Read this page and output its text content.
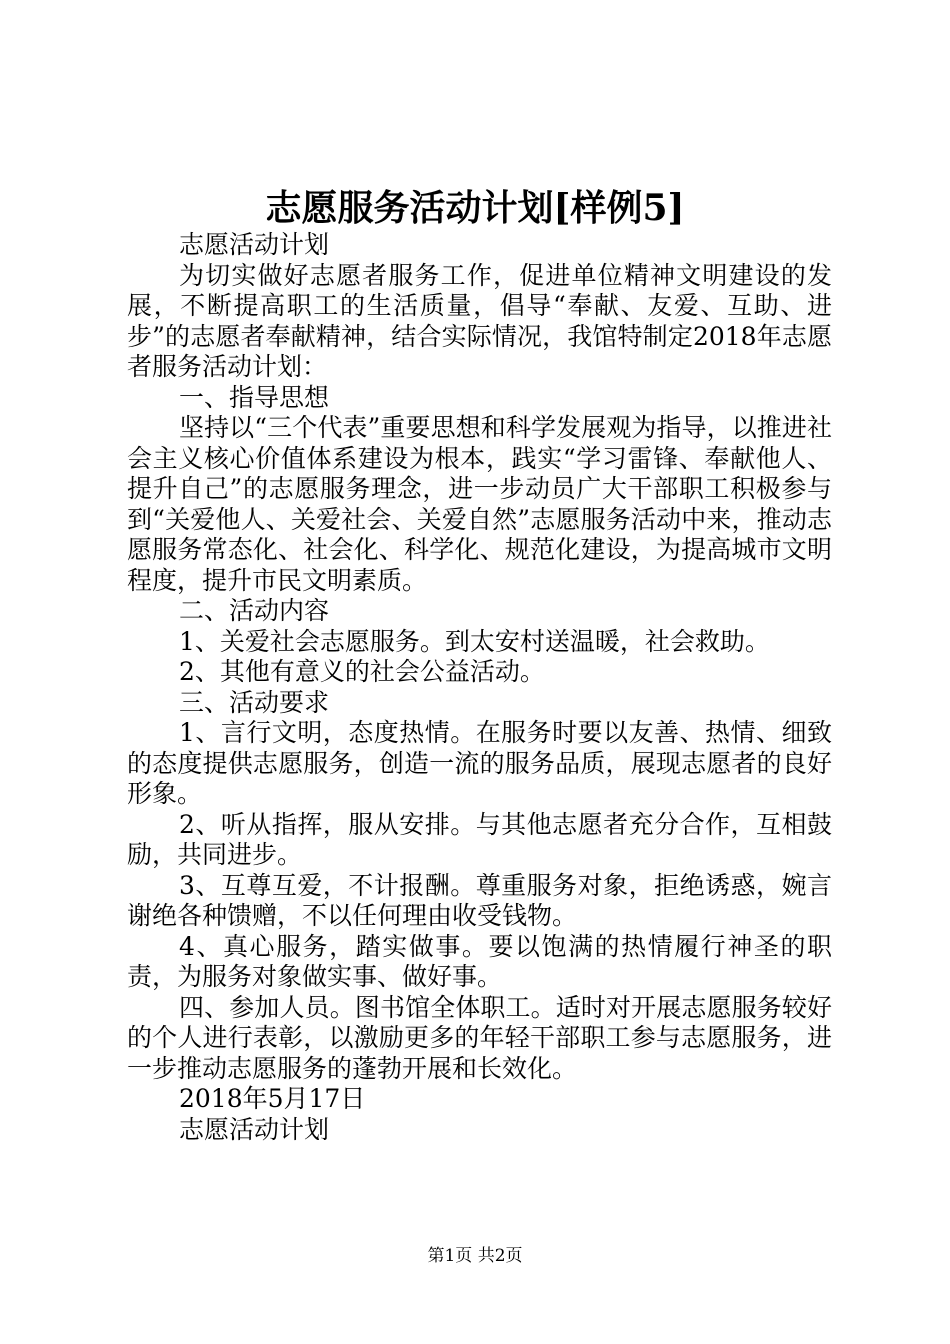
志愿服务活动计划[样例5]

志愿活动计划

为切实做好志愿者服务工作，促进单位精神文明建设的发展，不断提高职工的生活质量，倡导“奉献、友爱、互助、进步”的志愿者奉献精神，结合实际情况，我馆特制定2018年志愿者服务活动计划：

一、指导思想

坚持以“三个代表”重要思想和科学发展观为指导，以推进社会主义核心价值体系建设为根本，践实“学习雷锋、奉献他人、提升自己”的志愿服务理念，进一步动员广大干部职工积极参与到“关爱他人、关爱社会、关爱自然”志愿服务活动中来，推动志愿服务常态化、社会化、科学化、规范化建设，为提高城市文明程度，提升市民文明素质。

二、活动内容

1、关爱社会志愿服务。到太安村送温暖，社会救助。

2、其他有意义的社会公益活动。

三、活动要求

1、言行文明，态度热情。在服务时要以友善、热情、细致的态度提供志愿服务，创造一流的服务品质，展现志愿者的良好形象。

2、听从指挥，服从安排。与其他志愿者充分合作，互相鼓励，共同进步。

3、互尊互爱，不计报酬。尊重服务对象，拒绝诱惑，婉言谢绝各种馈赠，不以任何理由收受钱物。

4、真心服务，踏实做事。要以饱满的热情履行神圣的职责，为服务对象做实事、做好事。

四、参加人员。图书馆全体职工。适时对开展志愿服务较好的个人进行表彰，以激励更多的年轻干部职工参与志愿服务，进一步推动志愿服务的蓬勃开展和长效化。

2018年5月17日

志愿活动计划

第1页 共2页
